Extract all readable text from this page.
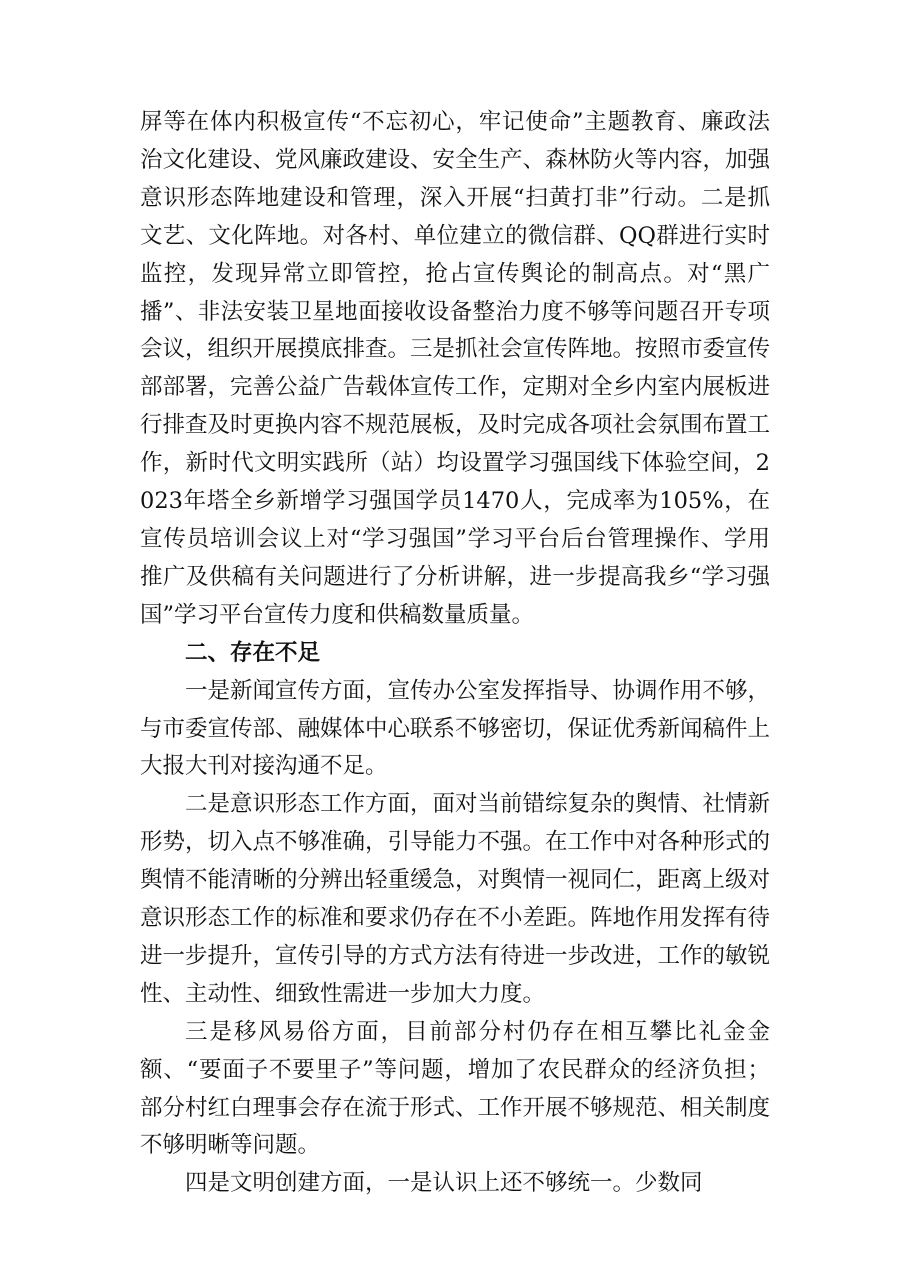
屏等在体内积极宣传“不忘初心，牢记使命”主题教育、廉政法治文化建设、党风廉政建设、安全生产、森林防火等内容，加强意识形态阵地建设和管理，深入开展“扫黄打非”行动。二是抓文艺、文化阵地。对各村、单位建立的微信群、QQ群进行实时监控，发现异常立即管控，抢占宣传舆论的制高点。对“黑广播”、非法安装卫星地面接收设备整治力度不够等问题召开专项会议，组织开展摸底排查。三是抓社会宣传阵地。按照市委宣传部部署，完善公益广告载体宣传工作，定期对全乡内室内展板进行排查及时更换内容不规范展板，及时完成各项社会氛围布置工作，新时代文明实践所（站）均设置学习强国线下体验空间，2023年塔全乡新增学习强国学员1470人，完成率为105%，在宣传员培训会议上对“学习强国”学习平台后台管理操作、学用推广及供稿有关问题进行了分析讲解，进一步提高我乡“学习强国”学习平台宣传力度和供稿数量质量。

二、存在不足

一是新闻宣传方面，宣传办公室发挥指导、协调作用不够，与市委宣传部、融媒体中心联系不够密切，保证优秀新闻稿件上大报大刊对接沟通不足。

二是意识形态工作方面，面对当前错综复杂的舆情、社情新形势，切入点不够准确，引导能力不强。在工作中对各种形式的舆情不能清晰的分辨出轻重缓急，对舆情一视同仁，距离上级对意识形态工作的标准和要求仍存在不小差距。阵地作用发挥有待进一步提升，宣传引导的方式方法有待进一步改进，工作的敏锐性、主动性、细致性需进一步加大力度。

三是移风易俗方面，目前部分村仍存在相互攀比礼金金额、“要面子不要里子”等问题，增加了农民群众的经济负担；部分村红白理事会存在流于形式、工作开展不够规范、相关制度不够明晰等问题。

四是文明创建方面，一是认识上还不够统一。少数同
